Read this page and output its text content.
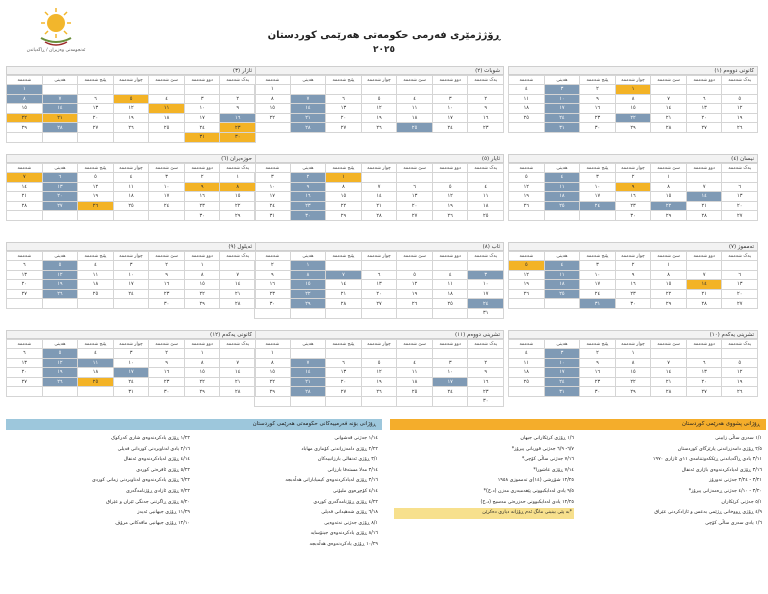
ئەنجومەنی وەزیران / ڕاگەیاندن
ڕۆژژمێری فەرمی حکومەتی هەرێمی کوردستان
٢٠٢٥
کانونی دووەم (١)
یەک شەممە	دوو شەممە	سێ شەممە	چوار شەممە	پێنج شەممە	هەینی	شەممە
			١	٢	٣	٤
٥	٦	٧	٨	٩	١٠	١١
١٢	١٣	١٤	١٥	١٦	١٧	١٨
١٩	٢٠	٢١	٢٢	٢٣	٢٤	٢٥
٢٦	٢٧	٢٨	٢٩	٣٠	٣١	
شوبات (٢)
یەک شەممە	دوو شەممە	سێ شەممە	چوار شەممە	پێنج شەممە	هەینی	شەممە
						١
٢	٣	٤	٥	٦	٧	٨
٩	١٠	١١	١٢	١٣	١٤	١٥
١٦	١٧	١٨	١٩	٢٠	٢١	٢٢
٢٣	٢٤	٢٥	٢٦	٢٧	٢٨	
ئازار (٣)
یەک شەممە	دوو شەممە	سێ شەممە	چوار شەممە	پێنج شەممە	هەینی	شەممە
						١
٢	٣	٤	٥	٦	٧	٨
٩	١٠	١١	١٢	١٣	١٤	١٥
١٦	١٧	١٨	١٩	٢٠	٢١	٢٢
٢٣	٢٤	٢٥	٢٦	٢٧	٢٨	٢٩
٣٠	٣١					
نیسان (٤)
یەک شەممە	دوو شەممە	سێ شەممە	چوار شەممە	پێنج شەممە	هەینی	شەممە
		١	٢	٣	٤	٥
٦	٧	٨	٩	١٠	١١	١٢
١٣	١٤	١٥	١٦	١٧	١٨	١٩
٢٠	٢١	٢٢	٢٣	٢٤	٢٥	٢٦
٢٧	٢٨	٢٩	٣٠			
ئایار (٥)
یەک شەممە	دوو شەممە	سێ شەممە	چوار شەممە	پێنج شەممە	هەینی	شەممە
				١	٢	٣
٤	٥	٦	٧	٨	٩	١٠
١١	١٢	١٣	١٤	١٥	١٦	١٧
١٨	١٩	٢٠	٢١	٢٢	٢٣	٢٤
٢٥	٢٦	٢٧	٢٨	٢٩	٣٠	٣١
حوزەیران (٦)
یەک شەممە	دوو شەممە	سێ شەممە	چوار شەممە	پێنج شەممە	هەینی	شەممە
١	٢	٣	٤	٥	٦	٧
٨	٩	١٠	١١	١٢	١٣	١٤
١٥	١٦	١٧	١٨	١٩	٢٠	٢١
٢٢	٢٣	٢٤	٢٥	٢٦	٢٧	٢٨
٢٩	٣٠					
تەمموز (٧)
یەک شەممە	دوو شەممە	سێ شەممە	چوار شەممە	پێنج شەممە	هەینی	شەممە
		١	٢	٣	٤	٥
٦	٧	٨	٩	١٠	١١	١٢
١٣	١٤	١٥	١٦	١٧	١٨	١٩
٢٠	٢١	٢٢	٢٣	٢٤	٢٥	٢٦
٢٧	٢٨	٢٩	٣٠	٣١		
ئاب (٨)
یەک شەممە	دوو شەممە	سێ شەممە	چوار شەممە	پێنج شەممە	هەینی	شەممە
					١	٢
٣	٤	٥	٦	٧	٨	٩
١٠	١١	١٢	١٣	١٤	١٥	١٦
١٧	١٨	١٩	٢٠	٢١	٢٢	٢٣
٢٤	٢٥	٢٦	٢٧	٢٨	٢٩	٣٠
٣١						
ئەیلول (٩)
یەک شەممە	دوو شەممە	سێ شەممە	چوار شەممە	پێنج شەممە	هەینی	شەممە
	١	٢	٣	٤	٥	٦
٧	٨	٩	١٠	١١	١٢	١٣
١٤	١٥	١٦	١٧	١٨	١٩	٢٠
٢١	٢٢	٢٣	٢٤	٢٥	٢٦	٢٧
٢٨	٢٩	٣٠				
تشرینی یەکەم (١٠)
یەک شەممە	دوو شەممە	سێ شەممە	چوار شەممە	پێنج شەممە	هەینی	شەممە
			١	٢	٣	٤
٥	٦	٧	٨	٩	١٠	١١
١٢	١٣	١٤	١٥	١٦	١٧	١٨
١٩	٢٠	٢١	٢٢	٢٣	٢٤	٢٥
٢٦	٢٧	٢٨	٢٩	٣٠	٣١	
تشرینی دووەم (١١)
یەک شەممە	دوو شەممە	سێ شەممە	چوار شەممە	پێنج شەممە	هەینی	شەممە
						١
٢	٣	٤	٥	٦	٧	٨
٩	١٠	١١	١٢	١٣	١٤	١٥
١٦	١٧	١٨	١٩	٢٠	٢١	٢٢
٢٣	٢٤	٢٥	٢٦	٢٧	٢٨	٢٩
٣٠						
کانونی یەکەم (١٢)
یەک شەممە	دوو شەممە	سێ شەممە	چوار شەممە	پێنج شەممە	هەینی	شەممە
	١	٢	٣	٤	٥	٦
٧	٨	٩	١٠	١١	١٢	١٣
١٤	١٥	١٦	١٧	١٨	١٩	٢٠
٢١	٢٢	٢٣	٢٤	٢٥	٢٦	٢٧
٢٨	٢٩	٣٠	٣١			
ڕۆژانی پشووی هەرێمی کوردستان
١/١ سەری ساڵی زایینی
٢/٥ ڕۆژی دامەزراندنی پارێزگای کوردستان
٣/١١ یادی ڕاگەیاندنی ڕێککەوتننامەی ١١ی ئازاری ١٩٧٠
٣/١٦ ڕۆژی لەیادکردنەوەی باژاری ئەنفال
٣/٢١ - ٣/٢٤ جەژنی نەورۆز
٣/٢٠ - ٤/١٠ جەژنی ڕەمەزانی پیرۆز*
٥/١ جەژنی کرێکاران
٤/٩ ڕۆژی ڕووخانی ڕژێمی بەعس و ئازادکردنی عێراق
١/٦ یادی سەری ساڵی کۆچی
١/٦ ڕۆژی کرێکارانی جیهان
٦/٧- ٦/٩ جەژنی قوربانی پیرۆز*
٧/١٦ جەژنی ساڵی کۆچی*
٧/١٤ ڕۆژی عاشورا*
١٢/٢٥ شۆڕشی (١٤)ی تەمموزی ١٩٥٨
٩/٥ یادی لەدایکبوونی پێغەمبەری مەزن (د.خ)*
١٢/٢٥ یادی لەدایکبوونی حەزرەتی مەسیح (د.خ)
*بە پێی بینینی مانگ ئەم ڕۆژانە دیاری دەکرێن
ڕۆژانی بۆنە فەرمییەکانی حکومەتی هەرێمی کوردستان
١/١٤ جەژنی قەشوانی
٢/٢٢ ڕۆژی دامەزراندنی کۆماری مهاباد
٣/١ ڕۆژی ئەنفالی بارزانییەکان
٣/١٤ مەلا مستەفا بارزانی
٣/١٦ ڕۆژی لەیادکردنەوەی کیمیابارانی هەڵەبجە
٤/١٤ کۆچڕەوی ملیۆنی
٤/٢٢ ڕۆژی ڕۆژنامەگەری کوردی
٦/١٨ ڕۆژی شەهیدانی فەیلی
٨/١ ڕۆژی جەژنی نەتەوەیی
٨/١٦ ڕۆژی یادکردنەوەی جینۆساید
١٠/٢٩ ڕۆژی یادکردنەوەی هەڵەبجە
١/٢٢ ڕۆژی یادکردنەوەی شاری کەرکوک
٢/١٦ یادی لەناوبردنی کوردانی فەیلی
٤/١٤ ڕۆژی لەیادکردنەوەی ئەنفال
٥/٢٢ ڕۆژی ئافرەتی کوردی
٦/٢٢ ڕۆژی یادکردنەوەی لەناوبردنی زمانی کوردی
٧/٢٢ ڕۆژی ئازادی ڕۆژنامەگەری
٨/٢٠ ڕۆژی ڕاگرتنی جەنگی ئێران و عێراق
١١/٢٩ ڕۆژی جیهانیی ئەیدز
١٢/١٠ ڕۆژی جیهانیی مافەکانی مرۆڤ
